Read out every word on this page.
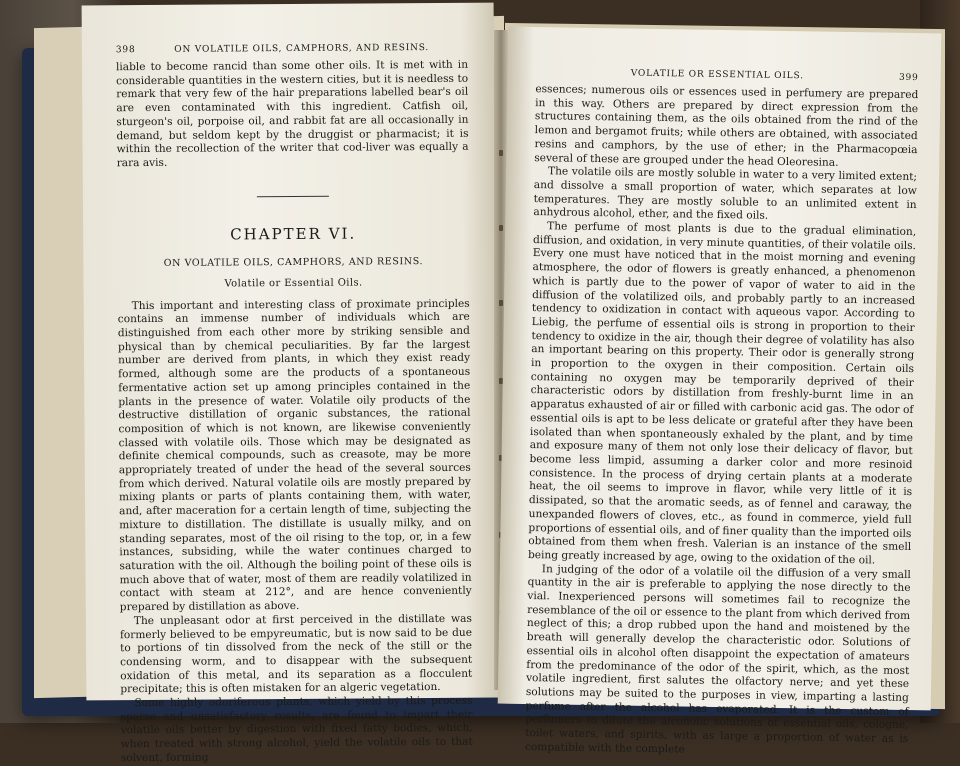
398	ON VOLATILE OILS, CAMPHORS, AND RESINS.

liable to become rancid than some other oils. It is met with in considerable quantities in the western cities, but it is needless to remark that very few of the hair preparations labelled bear's oil are even contaminated with this ingredient. Catfish oil, sturgeon's oil, porpoise oil, and rabbit fat are all occasionally in demand, but seldom kept by the druggist or pharmacist; it is within the recollection of the writer that cod-liver was equally a rara avis.

CHAPTER VI.
ON VOLATILE OILS, CAMPHORS, AND RESINS.
Volatile or Essential Oils.

This important and interesting class of proximate principles contains an immense number of individuals which are distinguished from each other more by striking sensible and physical than by chemical peculiarities. By far the largest number are derived from plants, in which they exist ready formed, although some are the products of a spontaneous fermentative action set up among principles contained in the plants in the presence of water. Volatile oily products of the destructive distillation of organic substances, the rational composition of which is not known, are likewise conveniently classed with volatile oils. Those which may be designated as definite chemical compounds, such as creasote, may be more appropriately treated of under the head of the several sources from which derived. Natural volatile oils are mostly prepared by mixing plants or parts of plants containing them, with water, and, after maceration for a certain length of time, subjecting the mixture to distillation. The distillate is usually milky, and on standing separates, most of the oil rising to the top, or, in a few instances, subsiding, while the water continues charged to saturation with the oil. Although the boiling point of these oils is much above that of water, most of them are readily volatilized in contact with steam at 212°, and are hence conveniently prepared by distillation as above.

The unpleasant odor at first perceived in the distillate was formerly believed to be empyreumatic, but is now said to be due to portions of tin dissolved from the neck of the still or the condensing worm, and to disappear with the subsequent oxidation of this metal, and its separation as a flocculent precipitate; this is often mistaken for an algeric vegetation.

Some highly odoriferous plants, which yield by this process sparse and unsatisfactory results, are found to impart their volatile oils better by digestion with fixed fatty bodies, which, when treated with strong alcohol, yield the volatile oils to that solvent, forming

VOLATILE OR ESSENTIAL OILS.	399

essences; numerous oils or essences used in perfumery are prepared in this way. Others are prepared by direct expression from the structures containing them, as the oils obtained from the rind of the lemon and bergamot fruits; while others are obtained, with associated resins and camphors, by the use of ether; in the Pharmacopœia several of these are grouped under the head Oleoresina.

The volatile oils are mostly soluble in water to a very limited extent; and dissolve a small proportion of water, which separates at low temperatures. They are mostly soluble to an unlimited extent in anhydrous alcohol, ether, and the fixed oils.

The perfume of most plants is due to the gradual elimination, diffusion, and oxidation, in very minute quantities, of their volatile oils. Every one must have noticed that in the moist morning and evening atmosphere, the odor of flowers is greatly enhanced, a phenomenon which is partly due to the power of vapor of water to aid in the diffusion of the volatilized oils, and probably partly to an increased tendency to oxidization in contact with aqueous vapor. According to Liebig, the perfume of essential oils is strong in proportion to their tendency to oxidize in the air, though their degree of volatility has also an important bearing on this property. Their odor is generally strong in proportion to the oxygen in their composition. Certain oils containing no oxygen may be temporarily deprived of their characteristic odors by distillation from freshly-burnt lime in an apparatus exhausted of air or filled with carbonic acid gas. The odor of essential oils is apt to be less delicate or grateful after they have been isolated than when spontaneously exhaled by the plant, and by time and exposure many of them not only lose their delicacy of flavor, but become less limpid, assuming a darker color and more resinoid consistence. In the process of drying certain plants at a moderate heat, the oil seems to improve in flavor, while very little of it is dissipated, so that the aromatic seeds, as of fennel and caraway, the unexpanded flowers of cloves, etc., as found in commerce, yield full proportions of essential oils, and of finer quality than the imported oils obtained from them when fresh. Valerian is an instance of the smell being greatly increased by age, owing to the oxidation of the oil.

In judging of the odor of a volatile oil the diffusion of a very small quantity in the air is preferable to applying the nose directly to the vial. Inexperienced persons will sometimes fail to recognize the resemblance of the oil or essence to the plant from which derived from neglect of this; a drop rubbed upon the hand and moistened by the breath will generally develop the characteristic odor. Solutions of essential oils in alcohol often disappoint the expectation of amateurs from the predominance of the odor of the spirit, which, as the most volatile ingredient, first salutes the olfactory nerve; and yet these solutions may be suited to the purposes in view, imparting a lasting perfume after the alcohol has evaporated. It is the custom of perfumers to dilute the alcoholic solutions of essential oils, cologne, toilet waters, and spirits, with as large a proportion of water as is compatible with the complete
